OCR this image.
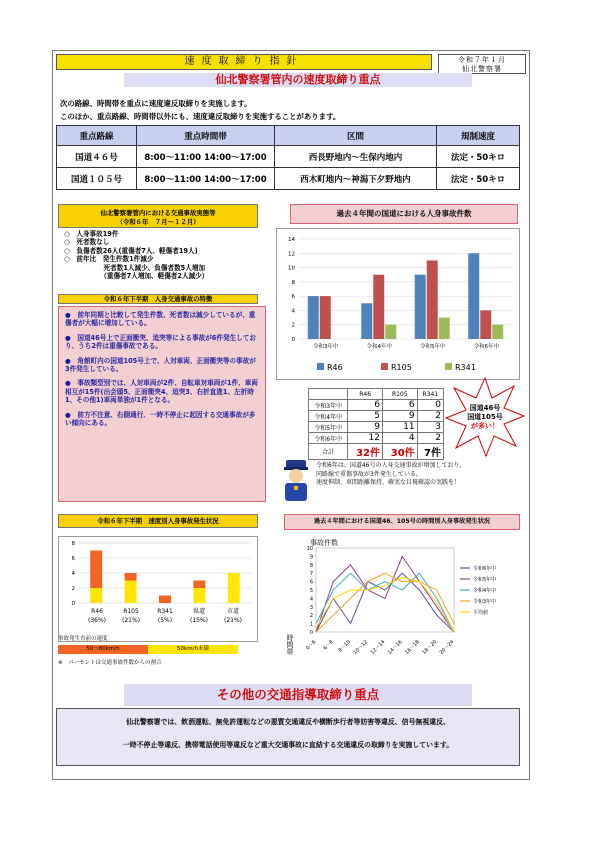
速度取締り指針	令和７年１月
仙北警察署
仙北警察署管内の速度取締り重点
次の路線、時間帯を重点に速度違反取締りを実施します。
このほか、重点路線、時間帯以外にも、速度違反取締りを実施することがあります。
重点路線	重点時間帯	区間	規制速度
国道４６号	8:00～11:00 14:00～17:00	西長野地内～生保内地内	法定・50キロ
国道１０５号	8:00～11:00 14:00～17:00	西木町地内～神潟下夕野地内	法定・50キロ
仙北警察署管内における交通事故実態等
（令和６年　７月～１２月）
○　人身事故19件
○　死者数なし
○　負傷者数26人(重傷者7人、軽傷者19人)
○　前年比　発生件数1件減少
　　　　　　死者数1人減少、負傷者数5人増加
　　　　　　（重傷者7人増加、軽傷者2人減少）
令和６年下半期　人身交通事故の特徴
●　前年同期と比較して発生件数、死者数は減少しているが、重傷者が大幅に増加している。
●　国道46号上で正面衝突、追突等による事故が6件発生しており、うち2件は重傷事故である。
●　角館町内の国道105号上で、人対車両、正面衝突等の事故が3件発生している。
●　事故類型別では、人対車両が2件、自転車対車両が1件、車両相互が15件(出会頭5、正面衝突4、追突3、右折直進1、左折時1、その他1)車両単独が1件となる。
●　前方不注意、右側通行、一時不停止に起因する交通事故が多い傾向にある。
過去４年間の国道における人身事故件数
0
2
4
6
8
10
12
14
令和3年中	令和4年中	令和5年中	令和6年中
R46	R105	R341
	R46	R105	R341
令和3年中	6	6	0
令和4年中	5	9	2
令和5年中	9	11	3
令和6年中	12	4	2
合計	32件	30件	7件
国道46号
国道105号
が多い！
令和6年は、国道46号の人身交通事故が増加しており、
同路線で重傷事故が3件発生している。
速度抑制、車間距離保持、確実な目視確認の実践を！
令和６年下半期　速度別人身事故発生状況
0
2
4
6
8
R46
(36%)
R105
(21%)
R341
(5%)
県道
(15%)
市道
(21%)
事故発生直前の速度
50～80km/h	50km/h未満
※　パーセントは交通事故件数からの割合
過去４年間における国道46、105号の時間別人身事故発生状況
0
1
2
3
4
5
6
7
8
9
10
0～6 6～8 8～10 10～12 12～14 14～16 16～18 18～20 20～24
令和6年中
令和5年中
令和4年中
令和3年中
平均値
事故件数
時間帯
その他の交通指導取締り重点
仙北警察署では、飲酒運転、無免許運転などの悪質交通違反や横断歩行者等妨害等違反、信号無視違反、
一時不停止等違反、携帯電話使用等違反など重大交通事故に直結する交通違反の取締りを実施しています。
